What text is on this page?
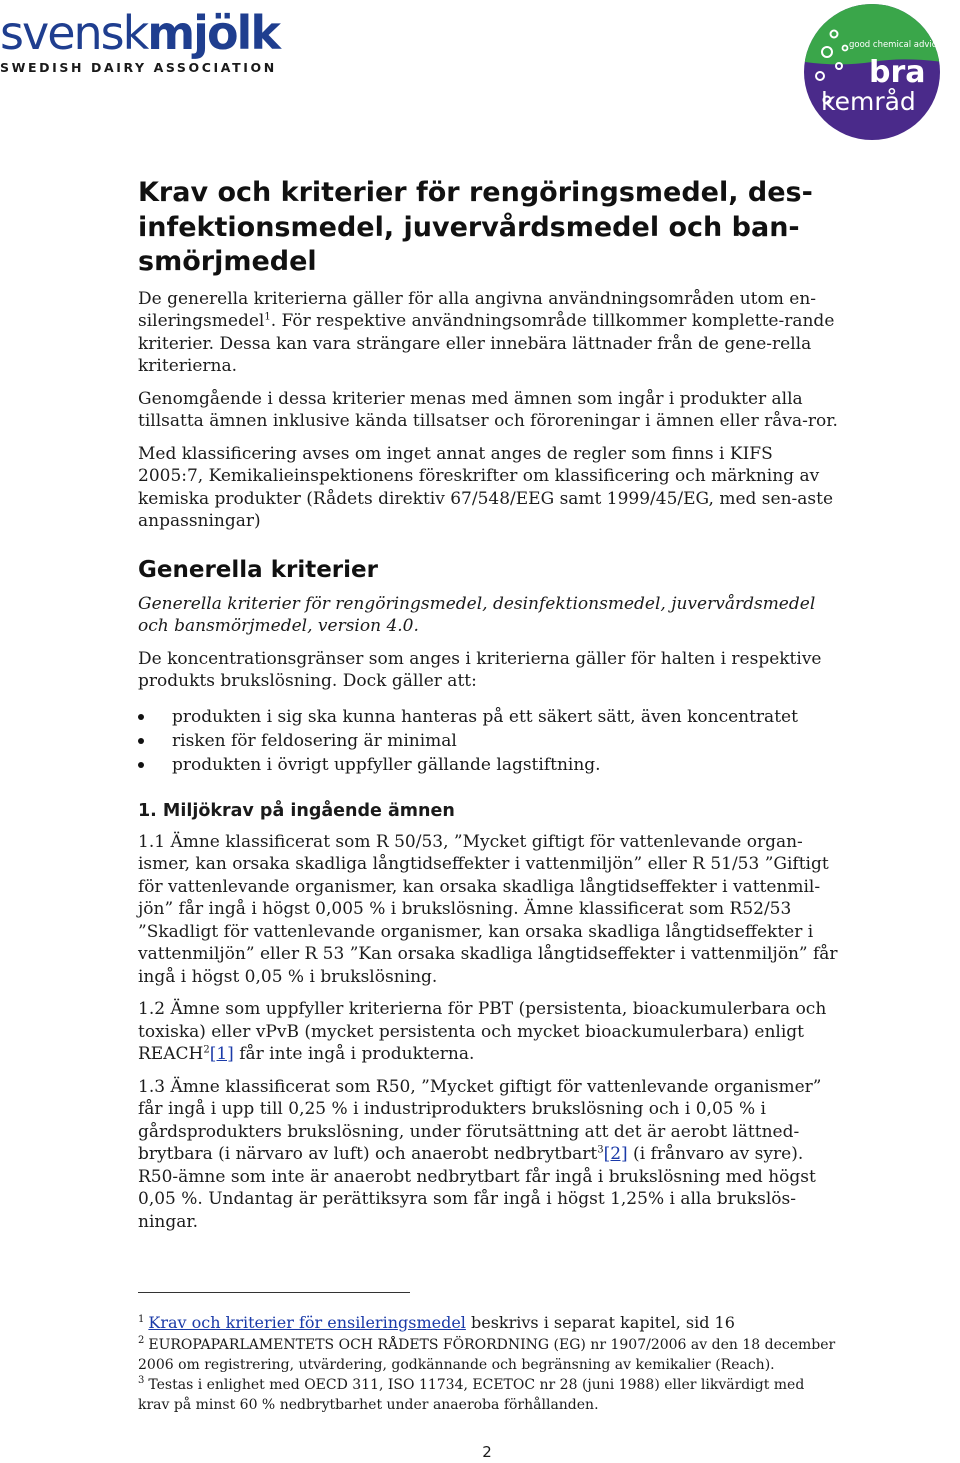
svenskmjölk
SWEDISH DAIRY ASSOCIATION
good chemical advice
bra
kemråd
Krav och kriterier för rengöringsmedel, des-infektionsmedel, juvervårdsmedel och ban-smörjmedel

De generella kriterierna gäller för alla angivna användningsområden utom en-sileringsmedel$^1$. För respektive användningsområde tillkommer komplette-rande kriterier. Dessa kan vara strängare eller innebära lättnader från de gene-rella kriterierna.

Genomgående i dessa kriterier menas med ämnen som ingår i produkter alla tillsatta ämnen inklusive kända tillsatser och föroreningar i ämnen eller råva-ror.

Med klassificering avses om inget annat anges de regler som finns i KIFS 2005:7, Kemikalieinspektionens föreskrifter om klassificering och märkning av kemiska produkter (Rådets direktiv 67/548/EEG samt 1999/45/EG, med sen-aste anpassningar)

Generella kriterier

Generella kriterier för rengöringsmedel, desinfektionsmedel, juvervårdsmedel och bansmörjmedel, version 4.0.

De koncentrationsgränser som anges i kriterierna gäller för halten i respektive produkts brukslösning. Dock gäller att:

produkten i sig ska kunna hanteras på ett säkert sätt, även koncentratet
risken för feldosering är minimal
produkten i övrigt uppfyller gällande lagstiftning.
1. Miljökrav på ingående ämnen

1.1 Ämne klassificerat som R 50/53, ”Mycket giftigt för vattenlevande organ-ismer, kan orsaka skadliga långtidseffekter i vattenmiljön” eller R 51/53 ”Giftigt för vattenlevande organismer, kan orsaka skadliga långtidseffekter i vattenmil-jön” får ingå i högst 0,005 % i brukslösning. Ämne klassificerat som R52/53 ”Skadligt för vattenlevande organismer, kan orsaka skadliga långtidseffekter i vattenmiljön” eller R 53 ”Kan orsaka skadliga långtidseffekter i vattenmiljön” får ingå i högst 0,05 % i brukslösning.

1.2 Ämne som uppfyller kriterierna för PBT (persistenta, bioackumulerbara och toxiska) eller vPvB (mycket persistenta och mycket bioackumulerbara) enligt REACH$^2$[1] får inte ingå i produkterna.

1.3 Ämne klassificerat som R50, ”Mycket giftigt för vattenlevande organismer” får ingå i upp till 0,25 % i industriprodukters brukslösning och i 0,05 % i gårdsprodukters brukslösning, under förutsättning att det är aerobt lättned-brytbara (i närvaro av luft) och anaerobt nedbrytbart$^3$[2] (i frånvaro av syre). R50-ämne som inte är anaerobt nedbrytbart får ingå i brukslösning med högst 0,05 %. Undantag är perättiksyra som får ingå i högst 1,25% i alla brukslös-ningar.

$^1$ Krav och kriterier för ensileringsmedel beskrivs i separat kapitel, sid 16

$^2$ EUROPAPARLAMENTETS OCH RÅDETS FÖRORDNING (EG) nr 1907/2006 av den 18 december 2006 om registrering, utvärdering, godkännande och begränsning av kemikalier (Reach).

$^3$ Testas i enlighet med OECD 311, ISO 11734, ECETOC nr 28 (juni 1988) eller likvärdigt med krav på minst 60 % nedbrytbarhet under anaeroba förhållanden.

2
